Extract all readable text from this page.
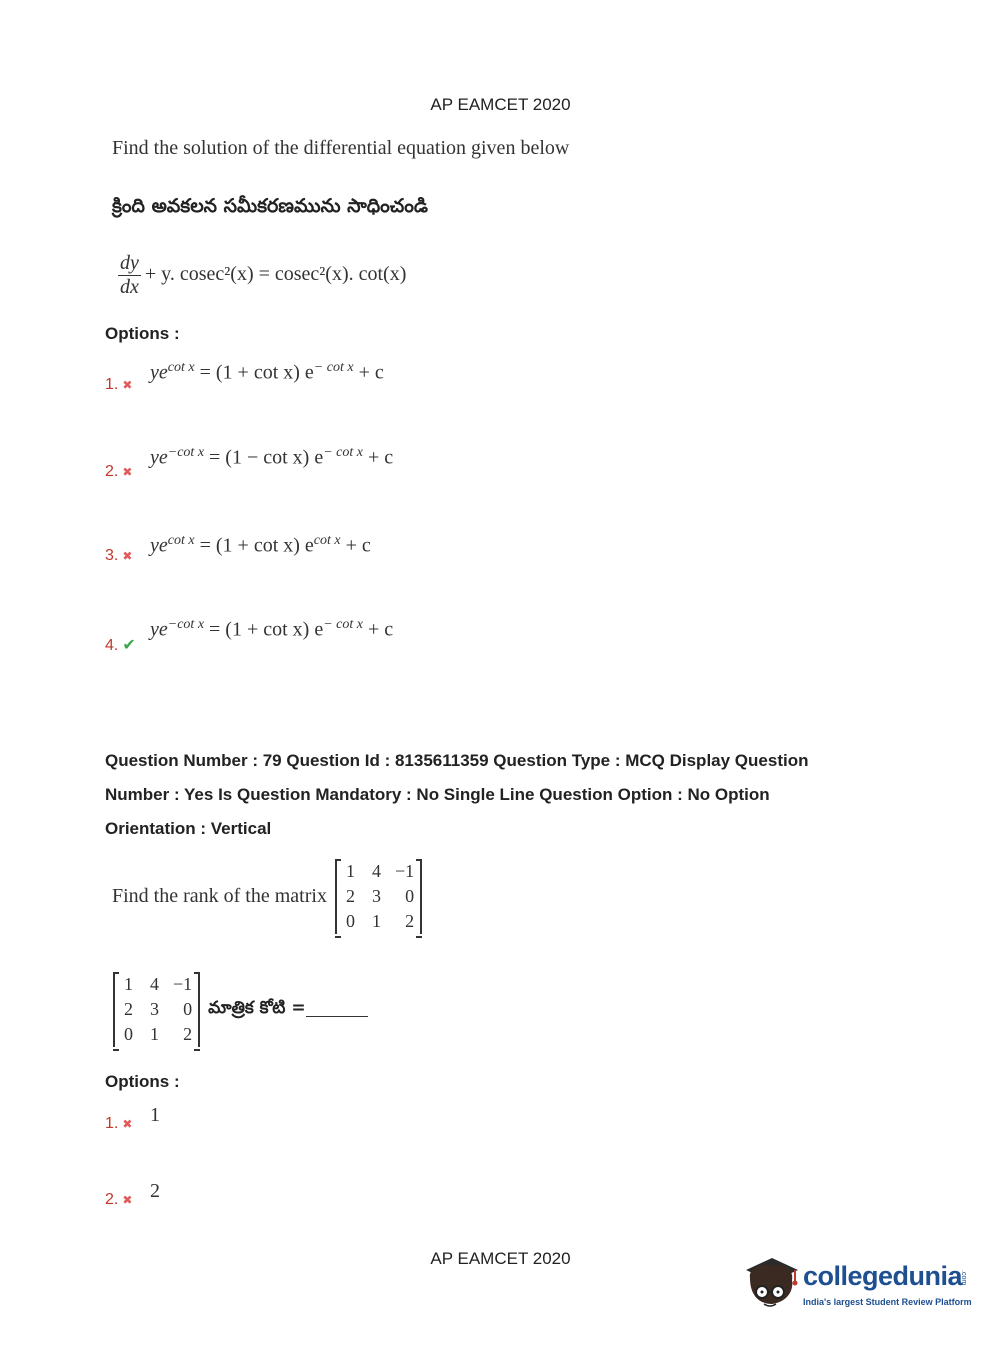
AP EAMCET 2020
Find the solution of the differential equation given below
క్రింది అవకలన సమీకరణమును సాధించండి
$\frac{dy}{dx} + y$. cosec²(x) = cosec²(x). cot(x)
Options :
1. ✖
$ye^{cot x} = (1 + \cot x) e^{- cot x} + c$
2. ✖
$ye^{-cot x} = (1 - \cot x) e^{- cot x} + c$
3. ✖ $ye^{cot x} = (1 + \cot x) e^{cot x} + c$
4. ✔
$ye^{-cot x} = (1 + \cot x) e^{- cot x} + c$
Question Number : 79 Question Id : 8135611359 Question Type : MCQ Display Question
Number : Yes Is Question Mandatory : No Single Line Question Option : No Option
Orientation : Vertical
Find the rank of the matrix
1 4 −1
2 3	0
0 1	2
1 4 −1
2 3	0
0 1	2
మాత్రిక కోటి =
Options :
1. ✖ 1
2. ✖ 2
AP EAMCET 2020
collegedunia
.com
India's largest Student Review Platform
